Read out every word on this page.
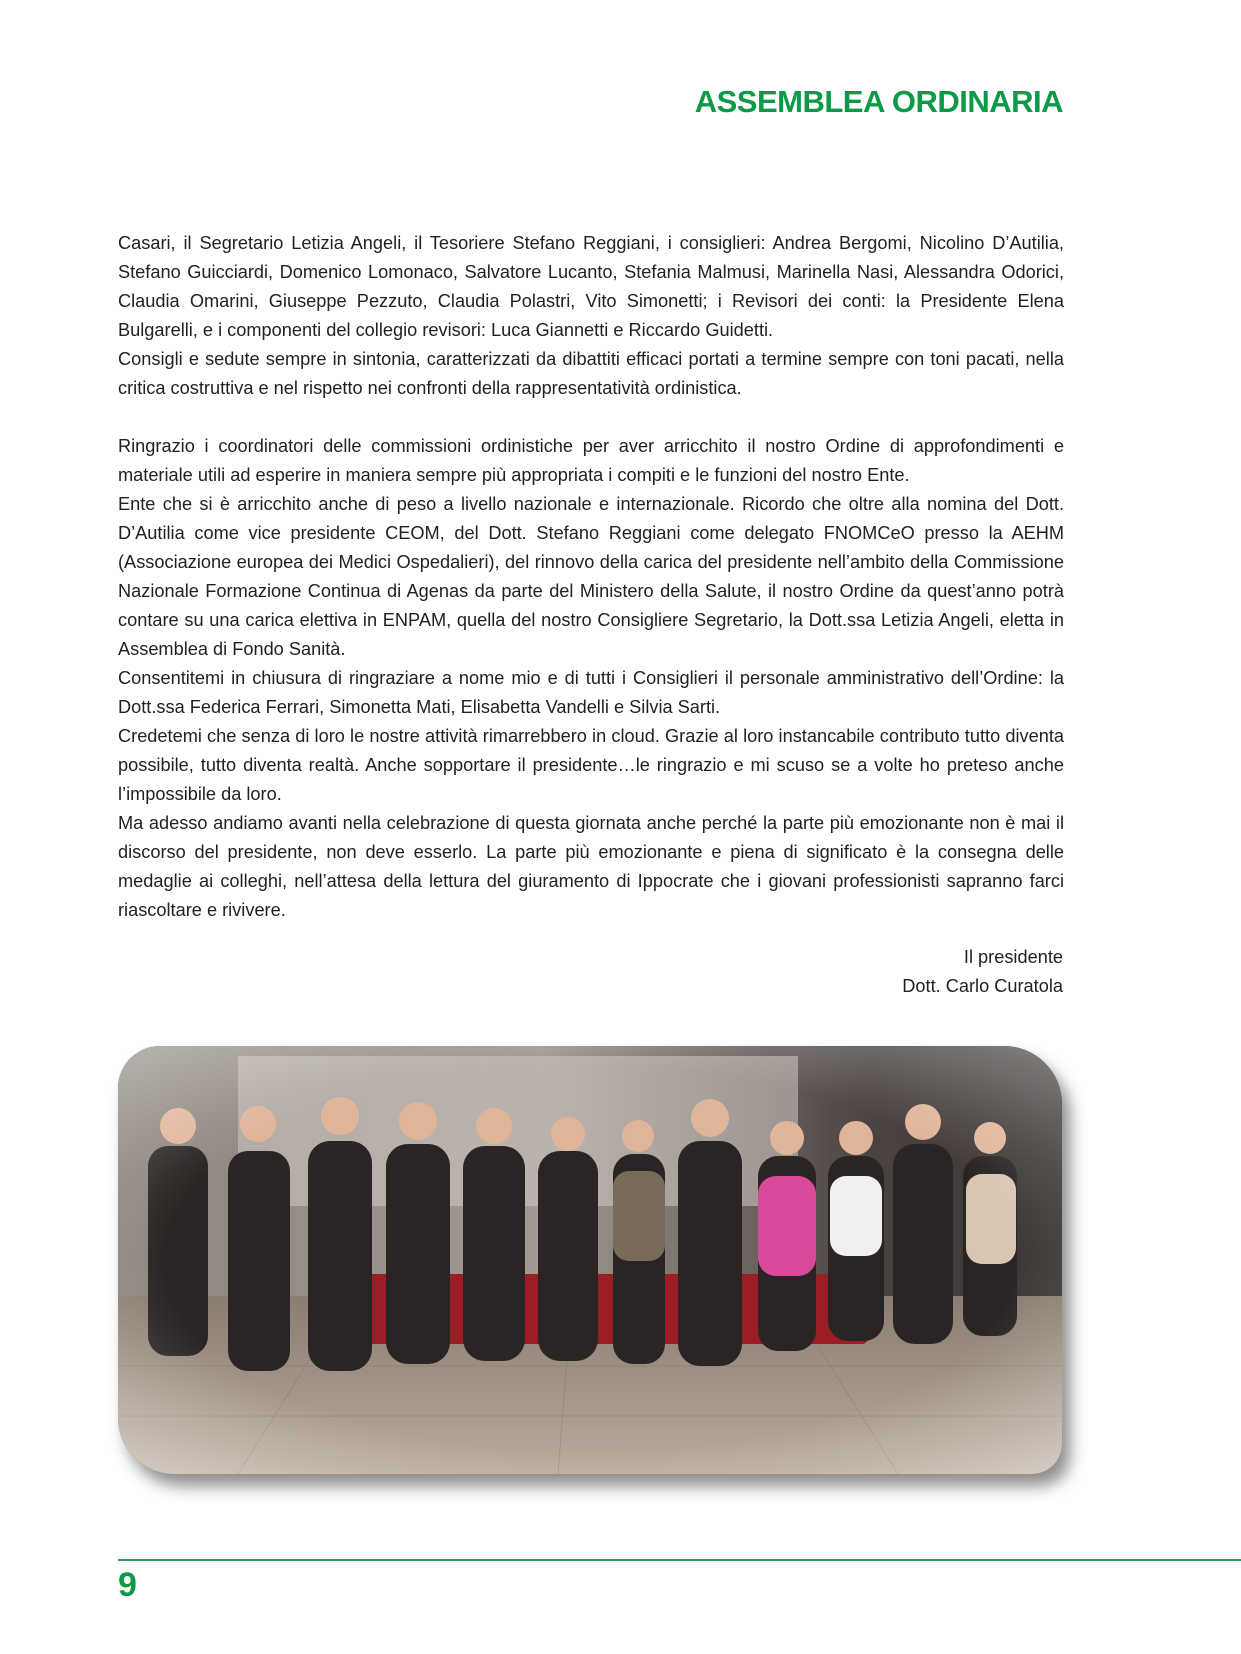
ASSEMBLEA ORDINARIA

Casari, il Segretario Letizia Angeli, il Tesoriere Stefano Reggiani, i consiglieri: Andrea Bergomi, Nicolino D’Autilia, Stefano Guicciardi, Domenico Lomonaco, Salvatore Lucanto, Stefania Malmusi, Marinella Nasi, Alessandra Odorici, Claudia Omarini, Giuseppe Pezzuto, Claudia Polastri, Vito Simonetti; i Revisori dei conti: la Presidente Elena Bulgarelli, e i componenti del collegio revisori: Luca Giannetti e Riccardo Guidetti.

Consigli e sedute sempre in sintonia, caratterizzati da dibattiti efficaci portati a termine sempre con toni pacati, nella critica costruttiva e nel rispetto nei confronti della rappresentatività ordinistica.

Ringrazio i coordinatori delle commissioni ordinistiche per aver arricchito il nostro Ordine di approfondimenti e materiale utili ad esperire in maniera sempre più appropriata i compiti e le funzioni del nostro Ente.

Ente che si è arricchito anche di peso a livello nazionale e internazionale. Ricordo che oltre alla nomina del Dott. D’Autilia come vice presidente CEOM, del Dott. Stefano Reggiani come delegato FNOMCeO presso la AEHM (Associazione europea dei Medici Ospedalieri), del rinnovo della carica del presidente nell’ambito della Commissione Nazionale Formazione Continua di Agenas da parte del Ministero della Salute, il nostro Ordine da quest’anno potrà contare su una carica elettiva in ENPAM, quella del nostro Consigliere Segretario, la Dott.ssa Letizia Angeli, eletta in Assemblea di Fondo Sanità.

Consentitemi in chiusura di ringraziare a nome mio e di tutti i Consiglieri il personale amministrativo dell’Ordine: la Dott.ssa Federica Ferrari, Simonetta Mati, Elisabetta Vandelli e Silvia Sarti.

Credetemi che senza di loro le nostre attività rimarrebbero in cloud. Grazie al loro instancabile contributo tutto diventa possibile, tutto diventa realtà. Anche sopportare il presidente…le ringrazio e mi scuso se a volte ho preteso anche l’impossibile da loro.

Ma adesso andiamo avanti nella celebrazione di questa giornata anche perché la parte più emozionante non è mai il discorso del presidente, non deve esserlo. La parte più emozionante e piena di significato è la consegna delle medaglie ai colleghi, nell’attesa della lettura del giuramento di Ippocrate che i giovani professionisti sapranno farci riascoltare e rivivere.

Il presidente
Dott. Carlo Curatola

9
